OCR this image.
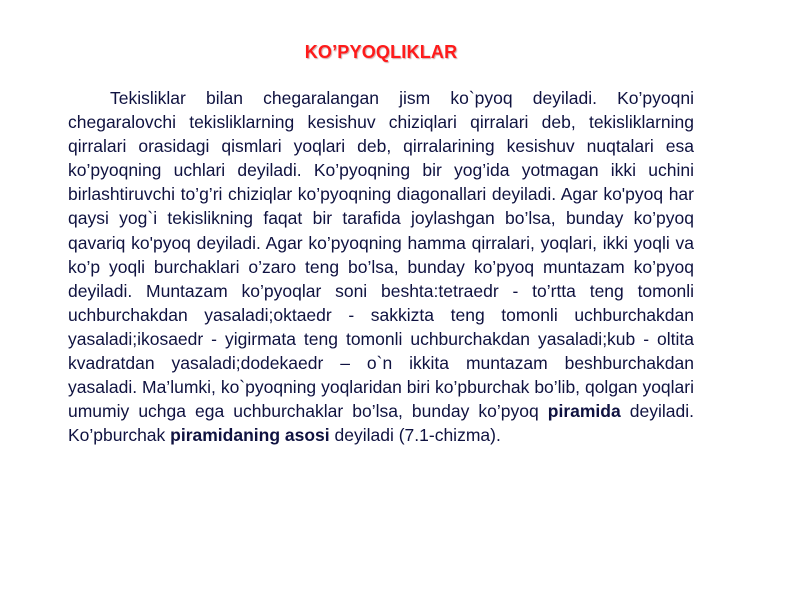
KO’PYOQLIKLAR

Tekisliklar bilan chegaralangan jism ko`pyoq deyiladi. Ko’pyoqni chegaralovchi tekisliklarning kesishuv chiziqlari qirralari deb, tekisliklarning qirralari orasidagi qismlari yoqlari deb, qirralarining kesishuv nuqtalari esa ko’pyoqning uchlari deyiladi. Ko’pyoqning bir yog’ida yotmagan ikki uchini birlashtiruvchi to’g’ri chiziqlar ko’pyoqning diagonallari deyiladi. Agar ko'pyoq har qaysi yog`i tekislikning faqat bir tarafida joylashgan bo’lsa, bunday ko’pyoq qavariq ko'pyoq deyiladi. Agar ko’pyoqning hamma qirralari, yoqlari, ikki yoqli va ko’p yoqli burchaklari o’zaro teng bo’lsa, bunday ko’pyoq muntazam ko’pyoq deyiladi. Muntazam ko’pyoqlar soni beshta:tetraedr - to’rtta teng tomonli uchburchakdan yasaladi;oktaedr - sakkizta teng tomonli uchburchakdan yasaladi;ikosaedr - yigirmata teng tomonli uchburchakdan yasaladi;kub - oltita kvadratdan yasaladi;dodekaedr – o`n ikkita muntazam beshburchakdan yasaladi. Ma’lumki, ko`pyoqning yoqlaridan biri ko’pburchak bo’lib, qolgan yoqlari umumiy uchga ega uchburchaklar bo’lsa, bunday ko’pyoq piramida deyiladi. Ko’pburchak piramidaning asosi deyiladi (7.1-chizma).
